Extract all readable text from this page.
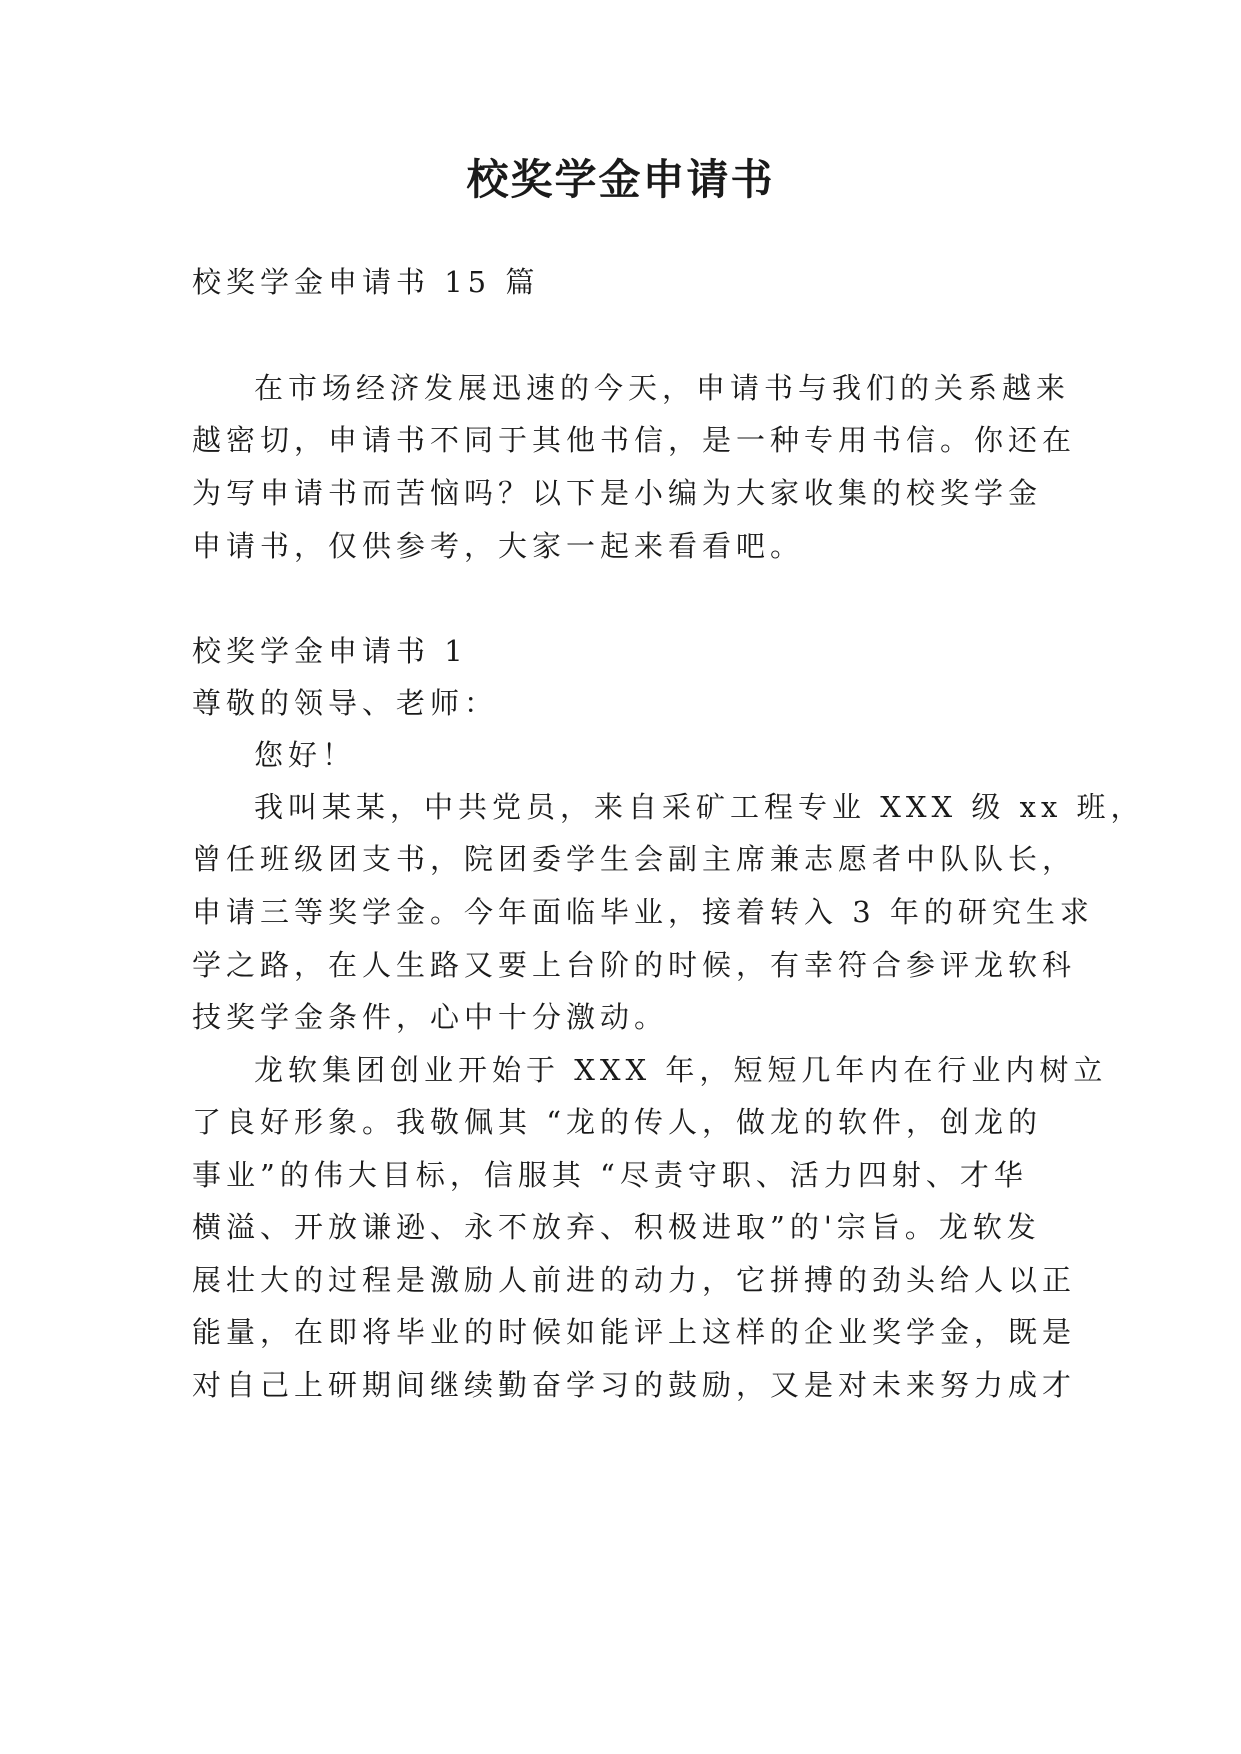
校奖学金申请书
校奖学金申请书 15 篇
在市场经济发展迅速的今天，申请书与我们的关系越来
越密切，申请书不同于其他书信，是一种专用书信。你还在
为写申请书而苦恼吗？以下是小编为大家收集的校奖学金
申请书，仅供参考，大家一起来看看吧。
校奖学金申请书 1
尊敬的领导、老师：
您好！
我叫某某，中共党员，来自采矿工程专业 XXX 级 xx 班，
曾任班级团支书，院团委学生会副主席兼志愿者中队队长，
申请三等奖学金。今年面临毕业，接着转入 3 年的研究生求
学之路，在人生路又要上台阶的时候，有幸符合参评龙软科
技奖学金条件，心中十分激动。
龙软集团创业开始于 XXX 年，短短几年内在行业内树立
了良好形象。我敬佩其 “龙的传人，做龙的软件，创龙的
事业”的伟大目标，信服其 “尽责守职、活力四射、才华
横溢、开放谦逊、永不放弃、积极进取”的'宗旨。龙软发
展壮大的过程是激励人前进的动力，它拼搏的劲头给人以正
能量，在即将毕业的时候如能评上这样的企业奖学金，既是
对自己上研期间继续勤奋学习的鼓励，又是对未来努力成才
